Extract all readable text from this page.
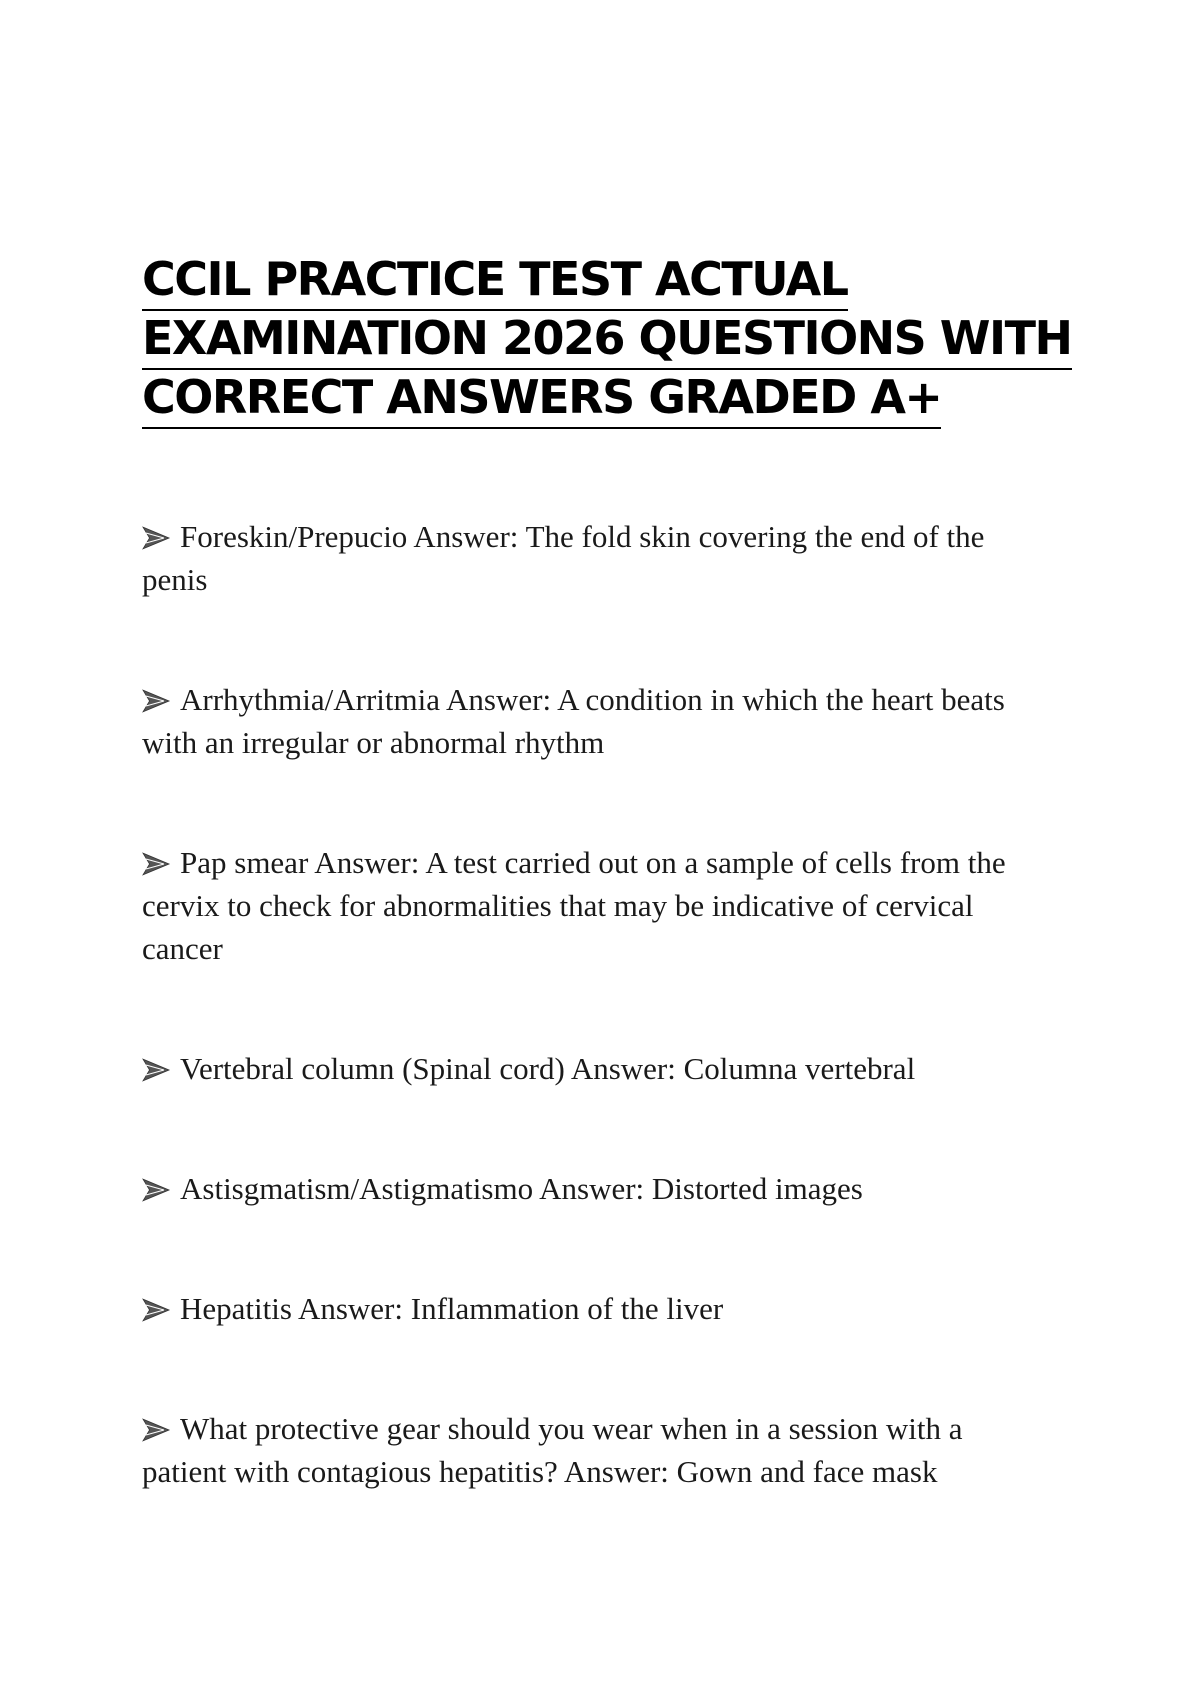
CCIL PRACTICE TEST ACTUAL
EXAMINATION 2026 QUESTIONS WITH
CORRECT ANSWERS GRADED A+

Foreskin/Prepucio Answer: The fold skin covering the end of the penis

Arrhythmia/Arritmia Answer: A condition in which the heart beats with an irregular or abnormal rhythm

Pap smear Answer: A test carried out on a sample of cells from the cervix to check for abnormalities that may be indicative of cervical cancer

Vertebral column (Spinal cord) Answer: Columna vertebral

Astisgmatism/Astigmatismo Answer: Distorted images

Hepatitis Answer: Inflammation of the liver

What protective gear should you wear when in a session with a patient with contagious hepatitis? Answer: Gown and face mask
